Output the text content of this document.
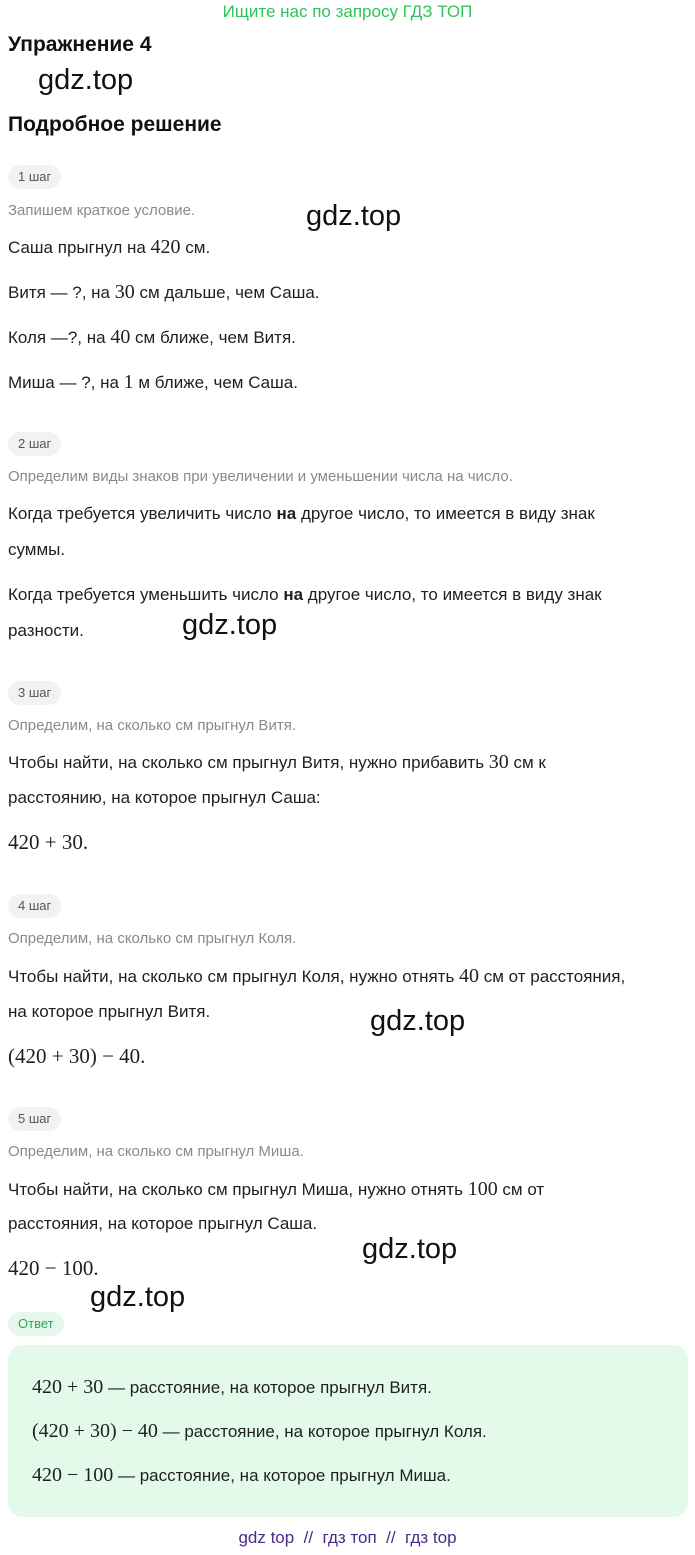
Ищите нас по запросу ГДЗ ТОП
Упражнение 4
gdz.top
Подробное решение
1 шаг
Запишем краткое условие.	gdz.top
Саша прыгнул на 420 см.
Витя — ?, на 30 см дальше, чем Саша.
Коля —?, на 40 см ближе, чем Витя.
Миша — ?, на 1 м ближе, чем Саша.
2 шаг
Определим виды знаков при увеличении и уменьшении числа на число.
Когда требуется увеличить число на другое число, то имеется в виду знак
суммы.
Когда требуется уменьшить число на другое число, то имеется в виду знак
разности.	gdz.top
3 шаг
Определим, на сколько см прыгнул Витя.
Чтобы найти, на сколько см прыгнул Витя, нужно прибавить 30 см к
расстоянию, на которое прыгнул Саша:
420 + 30.
4 шаг
Определим, на сколько см прыгнул Коля.
Чтобы найти, на сколько см прыгнул Коля, нужно отнять 40 см от расстояния,
на которое прыгнул Витя.	gdz.top
(420 + 30) − 40.
5 шаг
Определим, на сколько см прыгнул Миша.
Чтобы найти, на сколько см прыгнул Миша, нужно отнять 100 см от
расстояния, на которое прыгнул Саша.
gdz.top
420 − 100.
gdz.top
Ответ
420 + 30 — расстояние, на которое прыгнул Витя.
(420 + 30) − 40 — расстояние, на которое прыгнул Коля.
420 − 100 — расстояние, на которое прыгнул Миша.
gdz top  //  гдз топ  //  гдз top
